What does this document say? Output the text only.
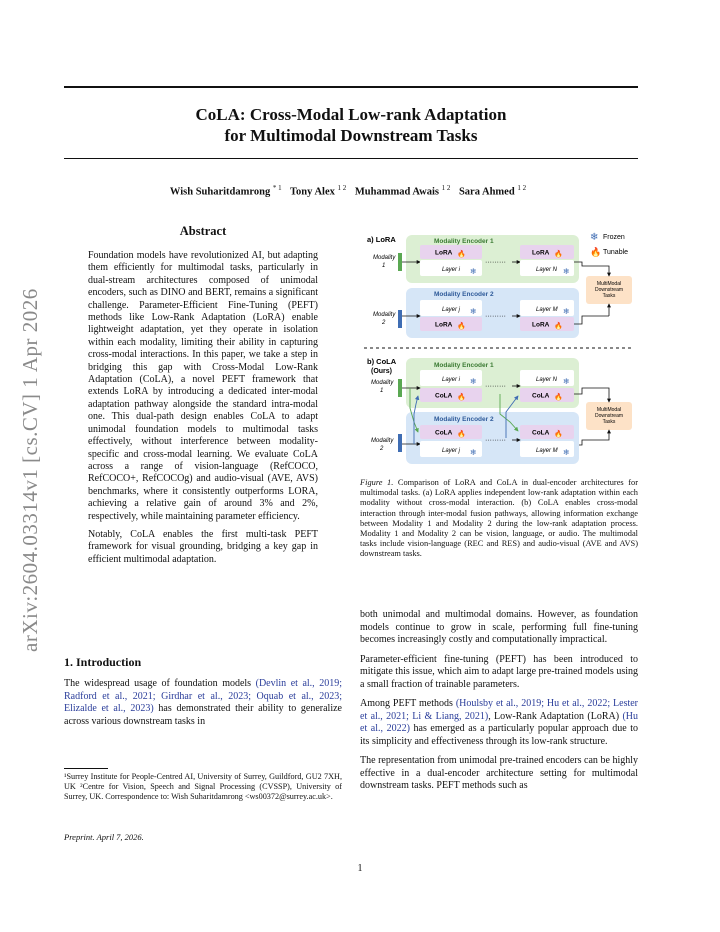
CoLA: Cross-Modal Low-rank Adaptation
for Multimodal Downstream Tasks
Wish Suharitdamrong $^{* 1}$ Tony Alex $^{1 2}$ Muhammad Awais $^{1 2}$ Sara Ahmed $^{1 2}$
arXiv:2604.03314v1 [cs.CV] 1 Apr 2026
Abstract

Foundation models have revolutionized AI, but adapting them efficiently for multimodal tasks, particularly in dual-stream architectures composed of unimodal encoders, such as DINO and BERT, remains a significant challenge. Parameter-Efficient Fine-Tuning (PEFT) methods like Low-Rank Adaptation (LoRA) enable lightweight adaptation, yet they operate in isolation within each modality, limiting their ability in capturing cross-modal interactions. In this paper, we take a step in bridging this gap with Cross-Modal Low-Rank Adaptation (CoLA), a novel PEFT framework that extends LoRA by introducing a dedicated inter-modal adaptation pathway alongside the standard intra-modal one. This dual-path design enables CoLA to adapt unimodal foundation models to multimodal tasks effectively, without interference between modality-specific and cross-modal learning. We evaluate CoLA across a range of vision-language (RefCOCO, RefCOCO+, RefCOCOg) and audio-visual (AVE, AVS) benchmarks, where it consistently outperforms LORA, achieving a relative gain of around 3% and 2%, respectively, while maintaining parameter efficiency.

Notably, CoLA enables the first multi-task PEFT framework for visual grounding, bridging a key gap in efficient multimodal adaptation.

1. Introduction
The widespread usage of foundation models (Devlin et al., 2019; Radford et al., 2021; Girdhar et al., 2023; Oquab et al., 2023; Elizalde et al., 2023) has demonstrated their ability to generalize across various downstream tasks in
¹Surrey Institute for People-Centred AI, University of Surrey, Guildford, GU2 7XH, UK ²Centre for Vision, Speech and Signal Processing (CVSSP), University of Surrey, UK. Correspondence to: Wish Suharitdamrong <ws00372@surrey.ac.uk>.
Preprint. April 7, 2026.
1
a) LoRA	❄ Frozen
🔥 Tunable
Modality Encoder 1
Modality
1
LoRA 🔥
Layer i ❄
·········
LoRA 🔥
Layer N ❄
MultiModal
Downstream
Tasks
Modality Encoder 2
Modality
2
Layer j ❄
LoRA 🔥
·········
Layer M ❄
LoRA 🔥
b) CoLA
(Ours)
Modality Encoder 1
Modality
1
Layer i ❄
CoLA 🔥
·········
Layer N ❄
CoLA 🔥
MultiModal
Downstream
Tasks
Modality Encoder 2
Modality
2
CoLA 🔥
Layer j ❄
·········
CoLA 🔥
Layer M ❄
Figure 1. Comparison of LoRA and CoLA in dual-encoder architectures for multimodal tasks. (a) LoRA applies independent low-rank adaptation within each modality without cross-modal interaction. (b) CoLA enables cross-modal interaction through inter-modal fusion pathways, allowing information exchange between Modality 1 and Modality 2 during the low-rank adaptation process. Modality 1 and Modality 2 can be vision, language, or audio. The multimodal tasks include vision-language (REC and RES) and audio-visual (AVE and AVS) downstream tasks.

both unimodal and multimodal domains. However, as foundation models continue to grow in scale, performing full fine-tuning becomes increasingly costly and computationally impractical.

Parameter-efficient fine-tuning (PEFT) has been introduced to mitigate this issue, which aim to adapt large pre-trained models using a small fraction of trainable parameters.

Among PEFT methods (Houlsby et al., 2019; Hu et al., 2022; Lester et al., 2021; Li & Liang, 2021), Low-Rank Adaptation (LoRA) (Hu et al., 2022) has emerged as a particularly popular approach due to its simplicity and effectiveness through its low-rank structure.

The representation from unimodal pre-trained encoders can be highly effective in a dual-encoder architecture setting for multimodal downstream tasks. PEFT methods such as
